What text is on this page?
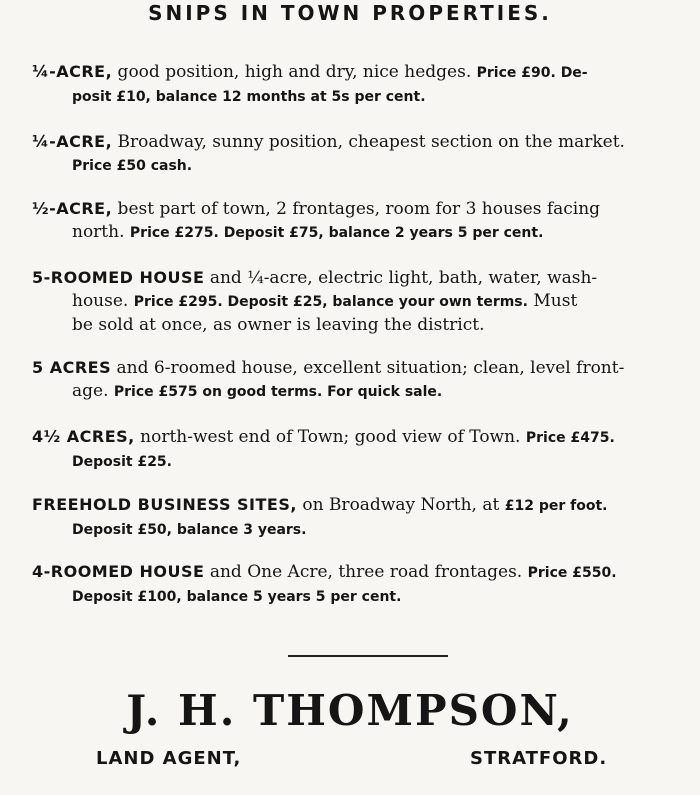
SNIPS IN TOWN PROPERTIES.
¼-ACRE, good position, high and dry, nice hedges. Price £90. De-
posit £10, balance 12 months at 5s per cent.
¼-ACRE, Broadway, sunny position, cheapest section on the market.
Price £50 cash.
½-ACRE, best part of town, 2 frontages, room for 3 houses facing
north. Price £275. Deposit £75, balance 2 years 5 per cent.
5-ROOMED HOUSE and ¼-acre, electric light, bath, water, wash-
house. Price £295. Deposit £25, balance your own terms. Must
be sold at once, as owner is leaving the district.
5 ACRES and 6-roomed house, excellent situation; clean, level front-
age. Price £575 on good terms. For quick sale.
4½ ACRES, north-west end of Town; good view of Town. Price £475.
Deposit £25.
FREEHOLD BUSINESS SITES, on Broadway North, at £12 per foot.
Deposit £50, balance 3 years.
4-ROOMED HOUSE and One Acre, three road frontages. Price £550.
Deposit £100, balance 5 years 5 per cent.
J. H. THOMPSON,
LAND AGENT,	STRATFORD.
